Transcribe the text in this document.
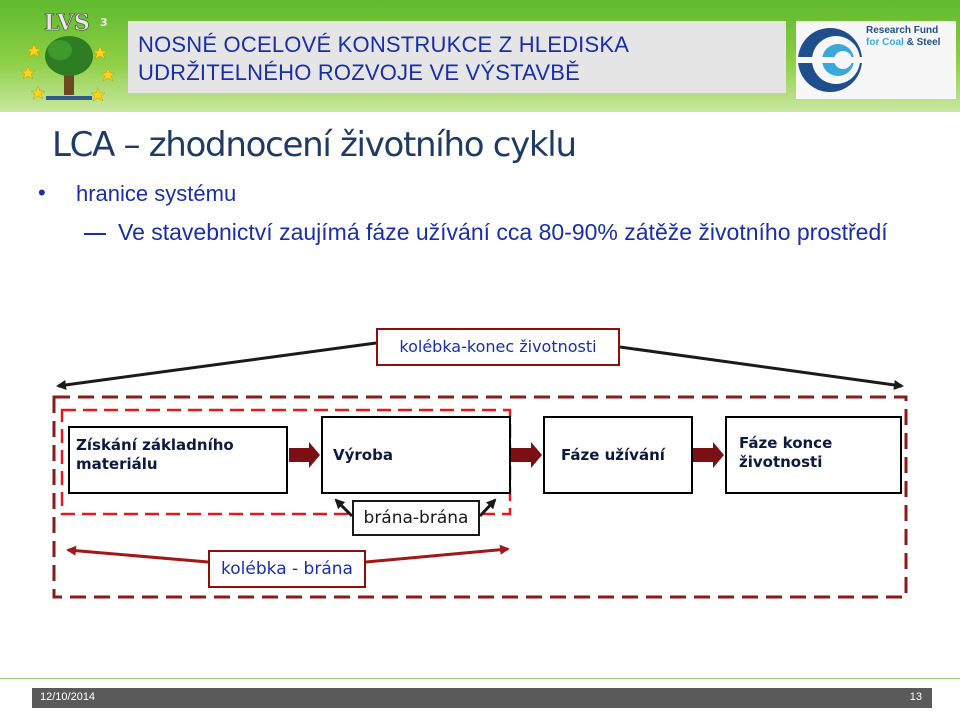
LVS 3
NOSNÉ OCELOVÉ KONSTRUKCE Z HLEDISKA
UDRŽITELNÉHO ROZVOJE VE VÝSTAVBĚ
Research Fund
for Coal & Steel
LCA – zhodnocení životního cyklu
• hranice systému
Ve stavebnictví zaujímá fáze užívání cca 80-90% zátěže životního prostředí
kolébka-konec životnosti
Získání základního
materiálu	Výroba	Fáze užívání
Fáze konce
životnosti
brána-brána
kolébka - brána
12/10/2014	13
